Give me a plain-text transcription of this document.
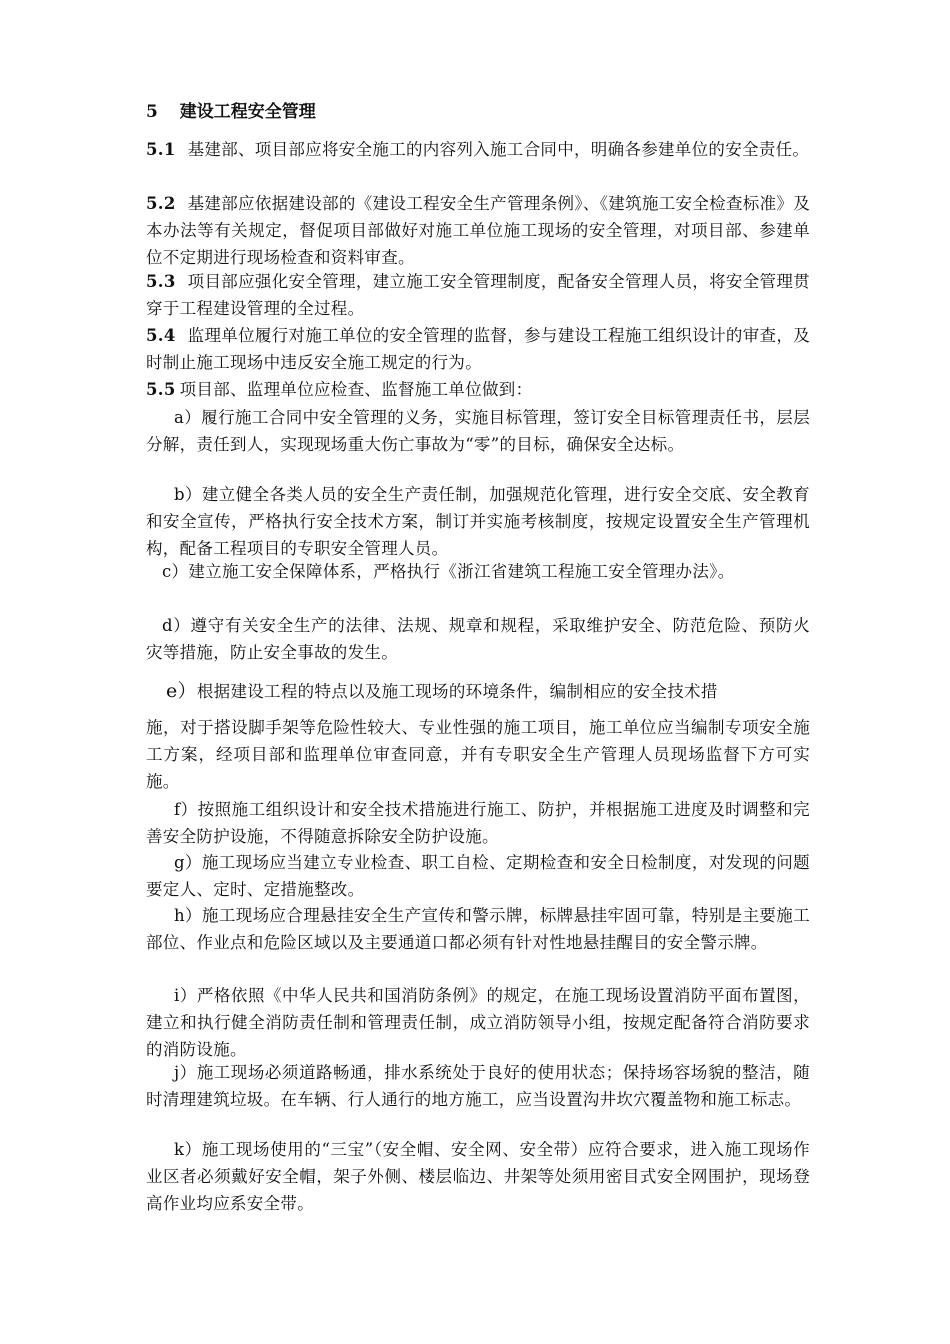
5 建设工程安全管理
5.1 基建部、项目部应将安全施工的内容列入施工合同中，明确各参建单位的安全责任。
5.2 基建部应依据建设部的《建设工程安全生产管理条例》、《建筑施工安全检查标准》及本办法等有关规定，督促项目部做好对施工单位施工现场的安全管理，对项目部、参建单位不定期进行现场检查和资料审查。
5.3 项目部应强化安全管理，建立施工安全管理制度，配备安全管理人员，将安全管理贯穿于工程建设管理的全过程。
5.4 监理单位履行对施工单位的安全管理的监督，参与建设工程施工组织设计的审查，及时制止施工现场中违反安全施工规定的行为。
5.5 项目部、监理单位应检查、监督施工单位做到：
a）履行施工合同中安全管理的义务，实施目标管理，签订安全目标管理责任书，层层分解，责任到人，实现现场重大伤亡事故为“零”的目标，确保安全达标。
b）建立健全各类人员的安全生产责任制，加强规范化管理，进行安全交底、安全教育和安全宣传，严格执行安全技术方案，制订并实施考核制度，按规定设置安全生产管理机构，配备工程项目的专职安全管理人员。
c）建立施工安全保障体系，严格执行《浙江省建筑工程施工安全管理办法》。
d）遵守有关安全生产的法律、法规、规章和规程，采取维护安全、防范危险、预防火灾等措施，防止安全事故的发生。
e）根据建设工程的特点以及施工现场的环境条件，编制相应的安全技术措
施，对于搭设脚手架等危险性较大、专业性强的施工项目，施工单位应当编制专项安全施工方案，经项目部和监理单位审查同意，并有专职安全生产管理人员现场监督下方可实施。
f）按照施工组织设计和安全技术措施进行施工、防护，并根据施工进度及时调整和完善安全防护设施，不得随意拆除安全防护设施。
g）施工现场应当建立专业检查、职工自检、定期检查和安全日检制度，对发现的问题要定人、定时、定措施整改。
h）施工现场应合理悬挂安全生产宣传和警示牌，标牌悬挂牢固可靠，特别是主要施工部位、作业点和危险区域以及主要通道口都必须有针对性地悬挂醒目的安全警示牌。
i）严格依照《中华人民共和国消防条例》的规定，在施工现场设置消防平面布置图，建立和执行健全消防责任制和管理责任制，成立消防领导小组，按规定配备符合消防要求的消防设施。
j）施工现场必须道路畅通，排水系统处于良好的使用状态；保持场容场貌的整洁，随时清理建筑垃圾。在车辆、行人通行的地方施工，应当设置沟井坎穴覆盖物和施工标志。
k）施工现场使用的“三宝”（安全帽、安全网、安全带）应符合要求，进入施工现场作业区者必须戴好安全帽，架子外侧、楼层临边、井架等处须用密目式安全网围护，现场登高作业均应系安全带。
